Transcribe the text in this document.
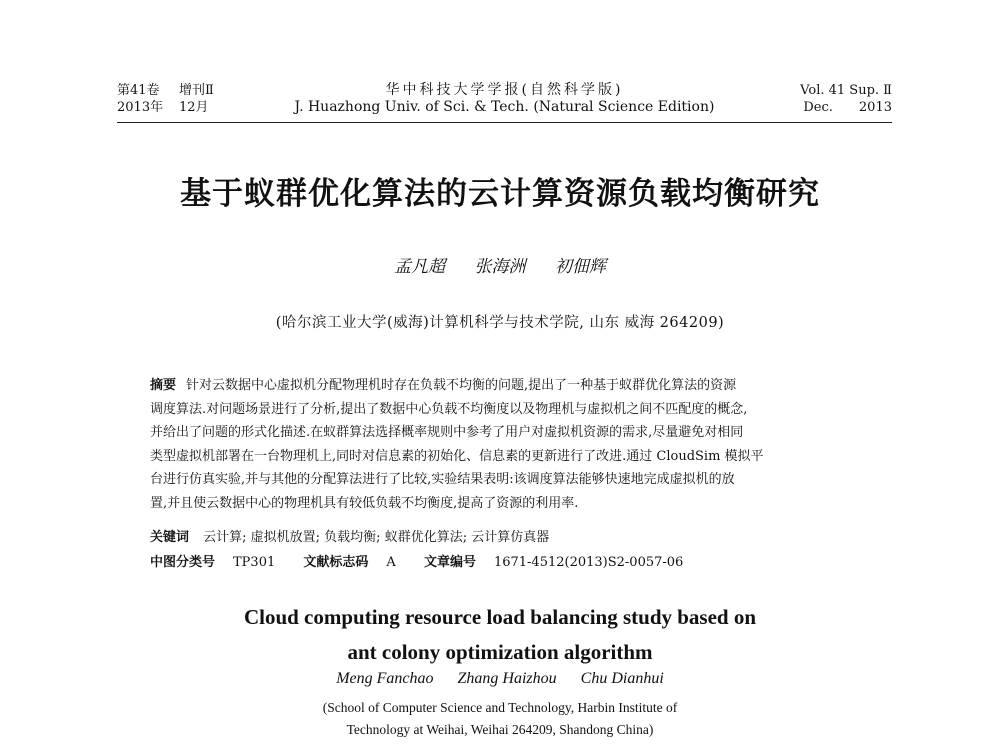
第41卷 增刊Ⅱ
2013年 12月
华中科技大学学报(自然科学版)
J. Huazhong Univ. of Sci. & Tech. (Natural Science Edition)
Vol. 41 Sup. Ⅱ
Dec. 2013
基于蚁群优化算法的云计算资源负载均衡研究
孟凡超 张海洲 初佃辉
(哈尔滨工业大学(威海)计算机科学与技术学院, 山东 威海 264209)
摘要 针对云数据中心虚拟机分配物理机时存在负载不均衡的问题,提出了一种基于蚁群优化算法的资源
调度算法.对问题场景进行了分析,提出了数据中心负载不均衡度以及物理机与虚拟机之间不匹配度的概念,
并给出了问题的形式化描述.在蚁群算法选择概率规则中参考了用户对虚拟机资源的需求,尽量避免对相同
类型虚拟机部署在一台物理机上,同时对信息素的初始化、信息素的更新进行了改进.通过 CloudSim 模拟平
台进行仿真实验,并与其他的分配算法进行了比较,实验结果表明:该调度算法能够快速地完成虚拟机的放
置,并且使云数据中心的物理机具有较低负载不均衡度,提高了资源的利用率.
关键词 云计算; 虚拟机放置; 负载均衡; 蚁群优化算法; 云计算仿真器
中图分类号 TP301 文献标志码 A 文章编号 1671-4512(2013)S2-0057-06
Cloud computing resource load balancing study based on
ant colony optimization algorithm
Meng Fanchao Zhang Haizhou Chu Dianhui
(School of Computer Science and Technology, Harbin Institute of
Technology at Weihai, Weihai 264209, Shandong China)
